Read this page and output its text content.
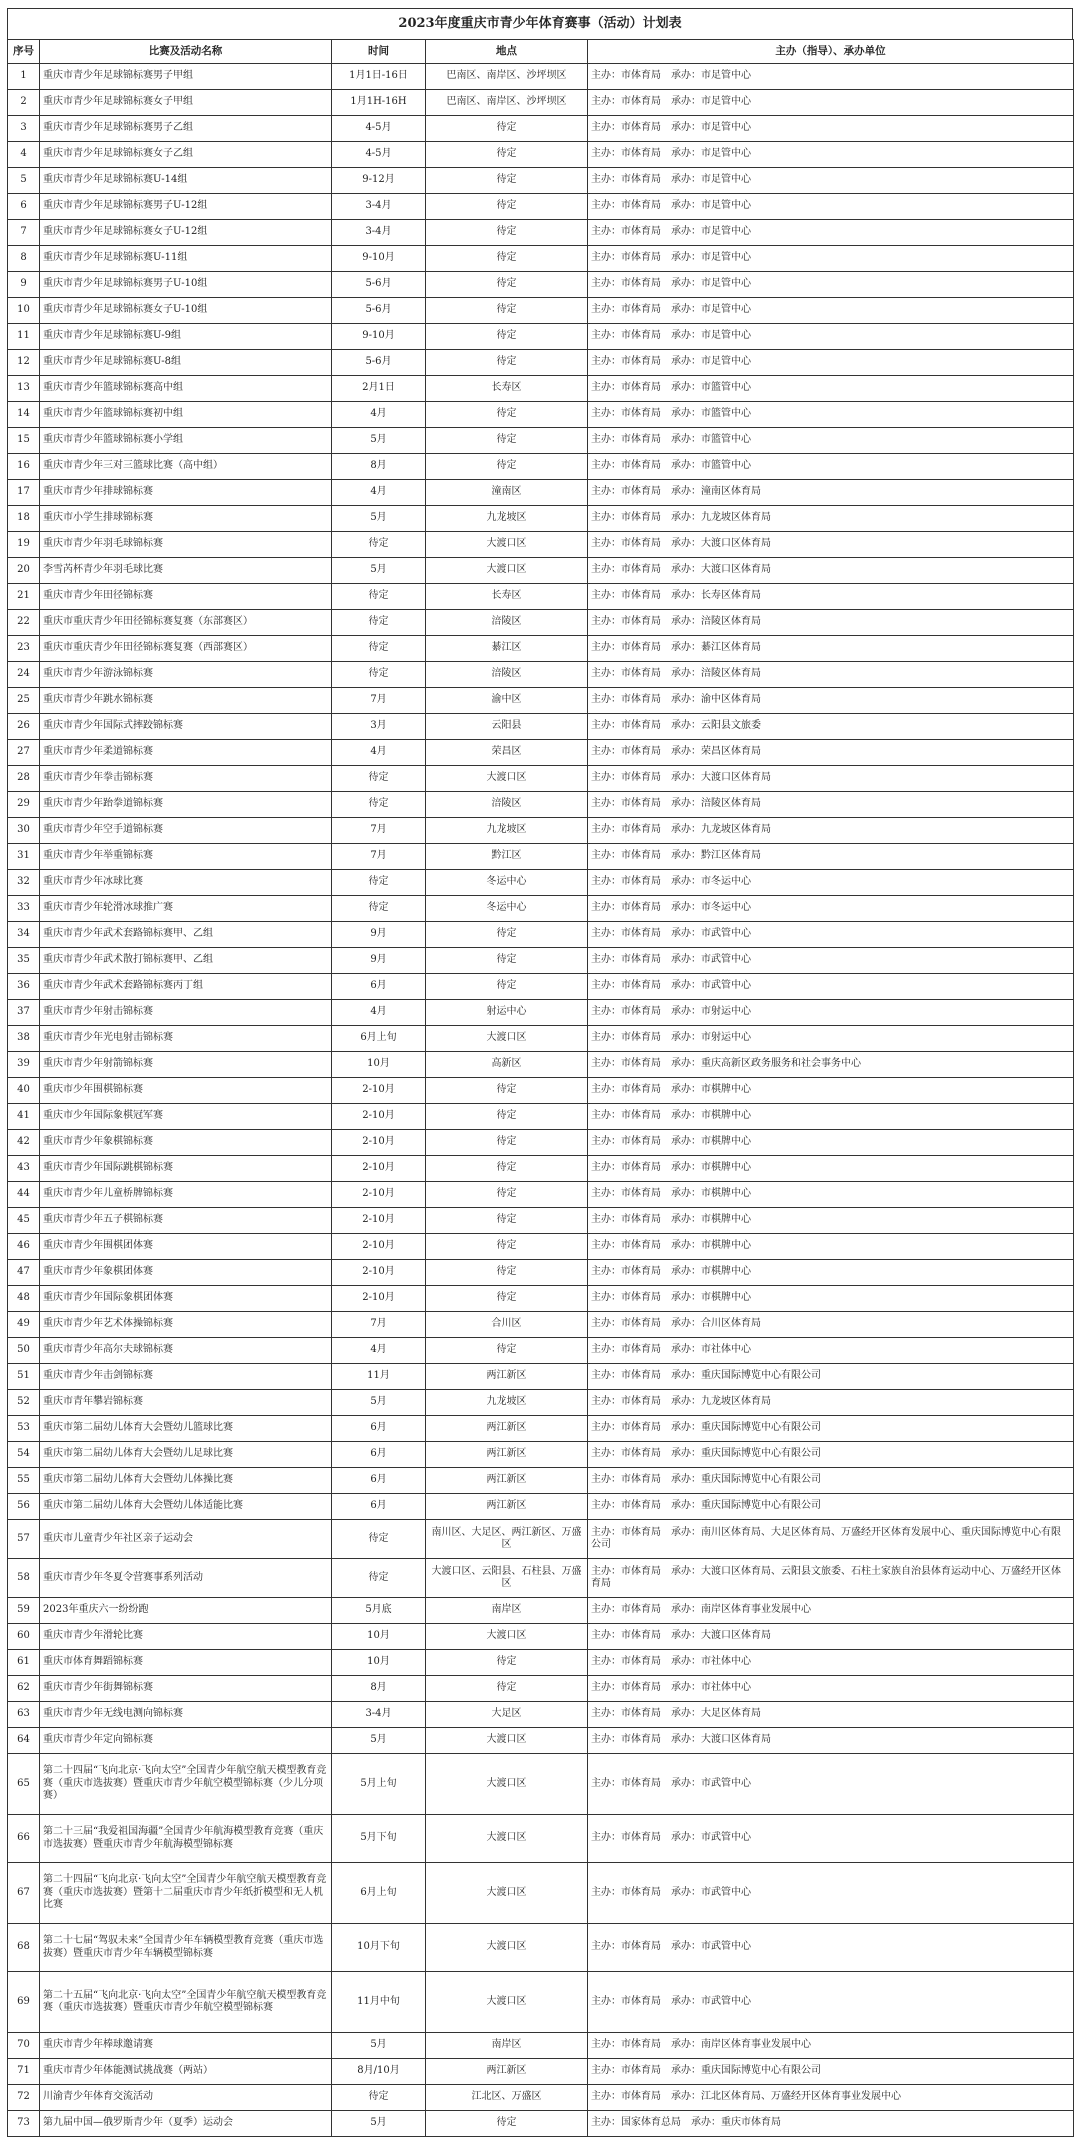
2023年度重庆市青少年体育赛事（活动）计划表
序号	比赛及活动名称	时间	地点	主办（指导）、承办单位
1	重庆市青少年足球锦标赛男子甲组	1月1日-16日	巴南区、南岸区、沙坪坝区	主办：市体育局　承办：市足管中心
2	重庆市青少年足球锦标赛女子甲组	1月1H-16H	巴南区、南岸区、沙坪坝区	主办：市体育局　承办：市足管中心
3	重庆市青少年足球锦标赛男子乙组	4-5月	待定	主办：市体育局　承办：市足管中心
4	重庆市青少年足球锦标赛女子乙组	4-5月	待定	主办：市体育局　承办：市足管中心
5	重庆市青少年足球锦标赛U-14组	9-12月	待定	主办：市体育局　承办：市足管中心
6	重庆市青少年足球锦标赛男子U-12组	3-4月	待定	主办：市体育局　承办：市足管中心
7	重庆市青少年足球锦标赛女子U-12组	3-4月	待定	主办：市体育局　承办：市足管中心
8	重庆市青少年足球锦标赛U-11组	9-10月	待定	主办：市体育局　承办：市足管中心
9	重庆市青少年足球锦标赛男子U-10组	5-6月	待定	主办：市体育局　承办：市足管中心
10	重庆市青少年足球锦标赛女子U-10组	5-6月	待定	主办：市体育局　承办：市足管中心
11	重庆市青少年足球锦标赛U-9组	9-10月	待定	主办：市体育局　承办：市足管中心
12	重庆市青少年足球锦标赛U-8组	5-6月	待定	主办：市体育局　承办：市足管中心
13	重庆市青少年篮球锦标赛高中组	2月1日	长寿区	主办：市体育局　承办：市篮管中心
14	重庆市青少年篮球锦标赛初中组	4月	待定	主办：市体育局　承办：市篮管中心
15	重庆市青少年篮球锦标赛小学组	5月	待定	主办：市体育局　承办：市篮管中心
16	重庆市青少年三对三篮球比赛（高中组）	8月	待定	主办：市体育局　承办：市篮管中心
17	重庆市青少年排球锦标赛	4月	潼南区	主办：市体育局　承办：潼南区体育局
18	重庆市小学生排球锦标赛	5月	九龙坡区	主办：市体育局　承办：九龙坡区体育局
19	重庆市青少年羽毛球锦标赛	待定	大渡口区	主办：市体育局　承办：大渡口区体育局
20	李雪芮杯青少年羽毛球比赛	5月	大渡口区	主办：市体育局　承办：大渡口区体育局
21	重庆市青少年田径锦标赛	待定	长寿区	主办：市体育局　承办：长寿区体育局
22	重庆市重庆青少年田径锦标赛复赛（东部赛区）	待定	涪陵区	主办：市体育局　承办：涪陵区体育局
23	重庆市重庆青少年田径锦标赛复赛（西部赛区）	待定	綦江区	主办：市体育局　承办：綦江区体育局
24	重庆市青少年游泳锦标赛	待定	涪陵区	主办：市体育局　承办：涪陵区体育局
25	重庆市青少年跳水锦标赛	7月	渝中区	主办：市体育局　承办：渝中区体育局
26	重庆市青少年国际式摔跤锦标赛	3月	云阳县	主办：市体育局　承办：云阳县文旅委
27	重庆市青少年柔道锦标赛	4月	荣昌区	主办：市体育局　承办：荣昌区体育局
28	重庆市青少年拳击锦标赛	待定	大渡口区	主办：市体育局　承办：大渡口区体育局
29	重庆市青少年跆拳道锦标赛	待定	涪陵区	主办：市体育局　承办：涪陵区体育局
30	重庆市青少年空手道锦标赛	7月	九龙坡区	主办：市体育局　承办：九龙坡区体育局
31	重庆市青少年举重锦标赛	7月	黔江区	主办：市体育局　承办：黔江区体育局
32	重庆市青少年冰球比赛	待定	冬运中心	主办：市体育局　承办：市冬运中心
33	重庆市青少年轮滑冰球推广赛	待定	冬运中心	主办：市体育局　承办：市冬运中心
34	重庆市青少年武术套路锦标赛甲、乙组	9月	待定	主办：市体育局　承办：市武管中心
35	重庆市青少年武术散打锦标赛甲、乙组	9月	待定	主办：市体育局　承办：市武管中心
36	重庆市青少年武术套路锦标赛丙丁组	6月	待定	主办：市体育局　承办：市武管中心
37	重庆市青少年射击锦标赛	4月	射运中心	主办：市体育局　承办：市射运中心
38	重庆市青少年光电射击锦标赛	6月上旬	大渡口区	主办：市体育局　承办：市射运中心
39	重庆市青少年射箭锦标赛	10月	高新区	主办：市体育局　承办：重庆高新区政务服务和社会事务中心
40	重庆市少年围棋锦标赛	2-10月	待定	主办：市体育局　承办：市棋牌中心
41	重庆市少年国际象棋冠军赛	2-10月	待定	主办：市体育局　承办：市棋牌中心
42	重庆市青少年象棋锦标赛	2-10月	待定	主办：市体育局　承办：市棋牌中心
43	重庆市青少年国际跳棋锦标赛	2-10月	待定	主办：市体育局　承办：市棋牌中心
44	重庆市青少年儿童桥牌锦标赛	2-10月	待定	主办：市体育局　承办：市棋牌中心
45	重庆市青少年五子棋锦标赛	2-10月	待定	主办：市体育局　承办：市棋牌中心
46	重庆市青少年围棋团体赛	2-10月	待定	主办：市体育局　承办：市棋牌中心
47	重庆市青少年象棋团体赛	2-10月	待定	主办：市体育局　承办：市棋牌中心
48	重庆市青少年国际象棋团体赛	2-10月	待定	主办：市体育局　承办：市棋牌中心
49	重庆市青少年艺术体操锦标赛	7月	合川区	主办：市体育局　承办：合川区体育局
50	重庆市青少年高尔夫球锦标赛	4月	待定	主办：市体育局　承办：市社体中心
51	重庆市青少年击剑锦标赛	11月	两江新区	主办：市体育局　承办：重庆国际博览中心有限公司
52	重庆市青年攀岩锦标赛	5月	九龙坡区	主办：市体育局　承办：九龙坡区体育局
53	重庆市第二届幼儿体育大会暨幼儿篮球比赛	6月	两江新区	主办：市体育局　承办：重庆国际博览中心有限公司
54	重庆市第二届幼儿体育大会暨幼儿足球比赛	6月	两江新区	主办：市体育局　承办：重庆国际博览中心有限公司
55	重庆市第二届幼儿体育大会暨幼儿体操比赛	6月	两江新区	主办：市体育局　承办：重庆国际博览中心有限公司
56	重庆市第二届幼儿体育大会暨幼儿体适能比赛	6月	两江新区	主办：市体育局　承办：重庆国际博览中心有限公司
57	重庆市儿童青少年社区亲子运动会	待定	南川区、大足区、两江新区、万盛区	主办：市体育局　承办：南川区体育局、大足区体育局、万盛经开区体育发展中心、重庆国际博览中心有限公司
58	重庆市青少年冬夏令营赛事系列活动	待定	大渡口区、云阳县、石柱县、万盛区	主办：市体育局　承办：大渡口区体育局、云阳县文旅委、石柱土家族自治县体育运动中心、万盛经开区体育局
59	2023年重庆六一纷纷跑	5月底	南岸区	主办：市体育局　承办：南岸区体育事业发展中心
60	重庆市青少年滑轮比赛	10月	大渡口区	主办：市体育局　承办：大渡口区体育局
61	重庆市体育舞蹈锦标赛	10月	待定	主办：市体育局　承办：市社体中心
62	重庆市青少年街舞锦标赛	8月	待定	主办：市体育局　承办：市社体中心
63	重庆市青少年无线电测向锦标赛	3-4月	大足区	主办：市体育局　承办：大足区体育局
64	重庆市青少年定向锦标赛	5月	大渡口区	主办：市体育局　承办：大渡口区体育局
65	第二十四届“飞向北京·飞向太空”全国青少年航空航天模型教育竞赛（重庆市选拔赛）暨重庆市青少年航空模型锦标赛（少儿分项赛）	5月上旬	大渡口区	主办：市体育局　承办：市武管中心
66	第二十三届“我爱祖国海疆”全国青少年航海模型教育竞赛（重庆市选拔赛）暨重庆市青少年航海模型锦标赛	5月下旬	大渡口区	主办：市体育局　承办：市武管中心
67	第二十四届“飞向北京·飞向太空”全国青少年航空航天模型教育竞赛（重庆市选拔赛）暨第十二届重庆市青少年纸折模型和无人机比赛	6月上旬	大渡口区	主办：市体育局　承办：市武管中心
68	第二十七届“驾驭未来”全国青少年车辆模型教育竞赛（重庆市选拔赛）暨重庆市青少年车辆模型锦标赛	10月下旬	大渡口区	主办：市体育局　承办：市武管中心
69	第二十五届“飞向北京·飞向太空”全国青少年航空航天模型教育竞赛（重庆市选拔赛）暨重庆市青少年航空模型锦标赛	11月中旬	大渡口区	主办：市体育局　承办：市武管中心
70	重庆市青少年棒球邀请赛	5月	南岸区	主办：市体育局　承办：南岸区体育事业发展中心
71	重庆市青少年体能测试挑战赛（两站）	8月/10月	两江新区	主办：市体育局　承办：重庆国际博览中心有限公司
72	川渝青少年体育交流活动	待定	江北区、万盛区	主办：市体育局　承办：江北区体育局、万盛经开区体育事业发展中心
73	第九届中国—俄罗斯青少年（夏季）运动会	5月	待定	主办：国家体育总局　承办：重庆市体育局
